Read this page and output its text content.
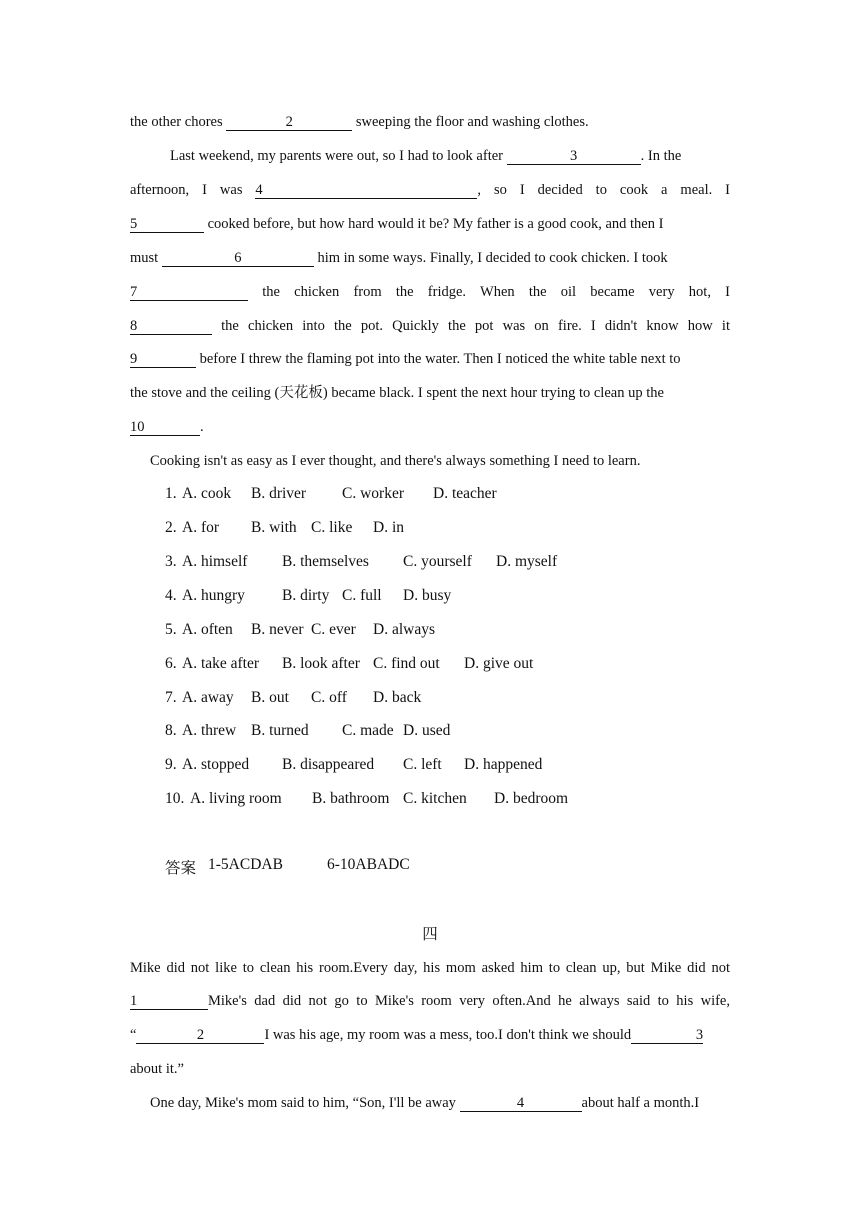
the other chores	2	sweeping the floor and washing clothes.
Last weekend, my parents were out, so I had to look after	3	. In the
afternoon, I was 4	, so I decided to cook a meal. I
5	cooked before, but how hard would it be? My father is a good cook, and then I
must	6	him in some ways. Finally, I decided to cook chicken. I took
7	the chicken from the fridge. When the oil became very hot, I
8	the chicken into the pot. Quickly the pot was on fire. I didn't know how it
9	before I threw the flaming pot into the water. Then I noticed the white table next to
the stove and the ceiling (天花板) became black. I spent the next hour trying to clean up the
10	.
Cooking isn't as easy as I ever thought, and there's always something I need to learn.
1. A. cook B. driver C. worker D. teacher
2. A. for B. with C. like D. in
3. A. himself B. themselves C. yourself D. myself
4. A. hungry B. dirty C. full D. busy
5. A. often B. never C. ever D. always
6. A. take after B. look after C. find out D. give out
7. A. away B. out C. off D. back
8. A. threw B. turned C. made D. used
9. A. stopped B. disappeared C. left D. happened
10. A. living room B. bathroom C. kitchen D. bedroom
答案 1-5ACDAB	6-10ABADC
四
Mike did not like to clean his room.Every day, his mom asked him to clean up, but Mike did not
1	Mike's dad did not go to Mike's room very often.And he always said to his wife,
“	2	I was his age, my room was a mess, too.I don't think we should	3
about it.”
One day, Mike's mom said to him, “Son, I'll be away	4	about half a month.I
